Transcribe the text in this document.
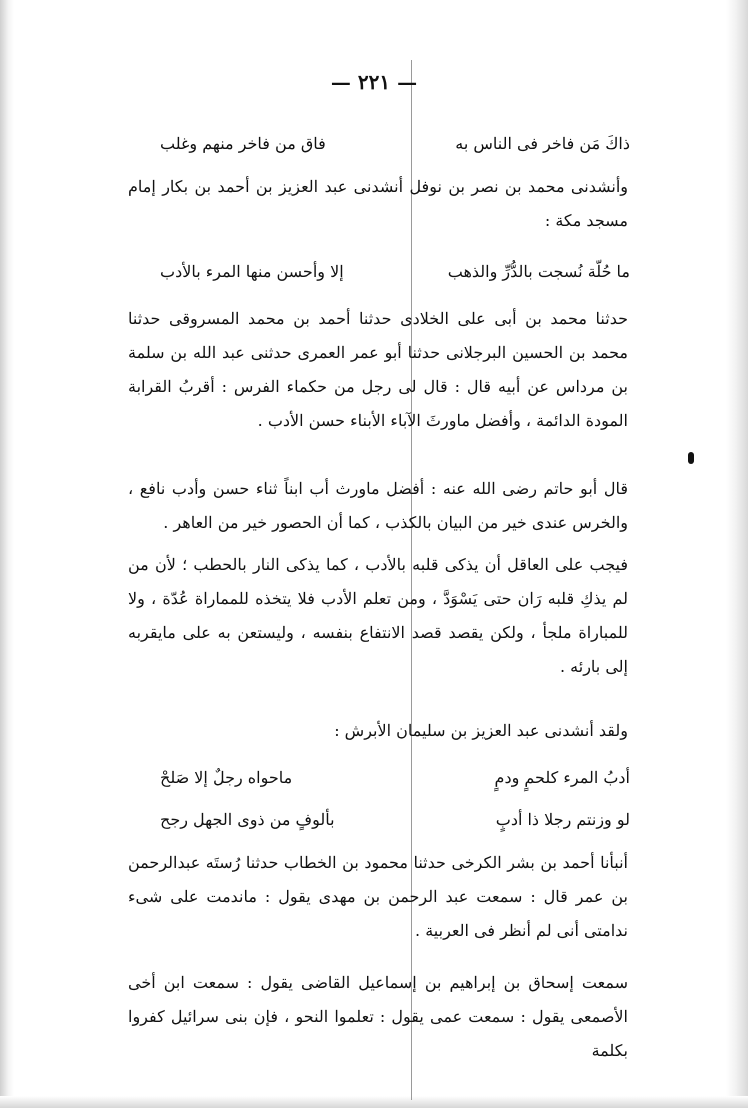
— ٢٢١ —
ذاكَ مَن فاخر فى الناس به
فاق من فاخر منهم وغلب
وأنشدنى محمد بن نصر بن نوفل أنشدنى عبد العزيز بن أحمد بن بكار إمام مسجد مكة :
ما حُلّة نُسجت بالدُّرِّ والذهب
إلا وأحسن منها المرء بالأدب
حدثنا محمد بن أبى على الخلادى حدثنا أحمد بن محمد المسروقى حدثنا محمد بن الحسين البرجلانى حدثنا أبو عمر العمرى حدثنى عبد الله بن سلمة بن مرداس عن أبيه قال : قال لى رجل من حكماء الفرس : أقربُ القرابة المودة الدائمة ، وأفضل ماورثَ الآباء الأبناء حسن الأدب .
قال أبو حاتم رضى الله عنه : أفضل ماورث أب ابناً ثناء حسن وأدب نافع ، والخرس عندى خير من البيان بالكذب ، كما أن الحصور خير من العاهر .
فيجب على العاقل أن يذكى قلبه بالأدب ، كما يذكى النار بالحطب ؛ لأن من لم يذكِ قلبه رَان حتى يَسْوَدَّ ، ومن تعلم الأدب فلا يتخذه للمماراة عُدّة ، ولا للمباراة ملجأ ، ولكن يقصد قصد الانتفاع بنفسه ، وليستعن به على مايقربه إلى بارئه .
ولقد أنشدنى عبد العزيز بن سليمان الأبرش :
أدبُ المرء كلحمٍ ودمٍ
ماحواه رجلٌ إلا صَلحْ
لو وزنتم رجلا ذا أدبٍ
بألوفٍ من ذوى الجهل رجح
أنبأنا أحمد بن بشر الكرخى حدثنا محمود بن الخطاب حدثنا رُستَه عبدالرحمن بن عمر قال : سمعت عبد الرحمن بن مهدى يقول : ماندمت على شىء ندامتى أنى لم أنظر فى العربية .
سمعت إسحاق بن إبراهيم بن إسماعيل القاضى يقول : سمعت ابن أخى الأصمعى يقول : سمعت عمى يقول : تعلموا النحو ، فإن بنى سرائيل كفروا بكلمة
